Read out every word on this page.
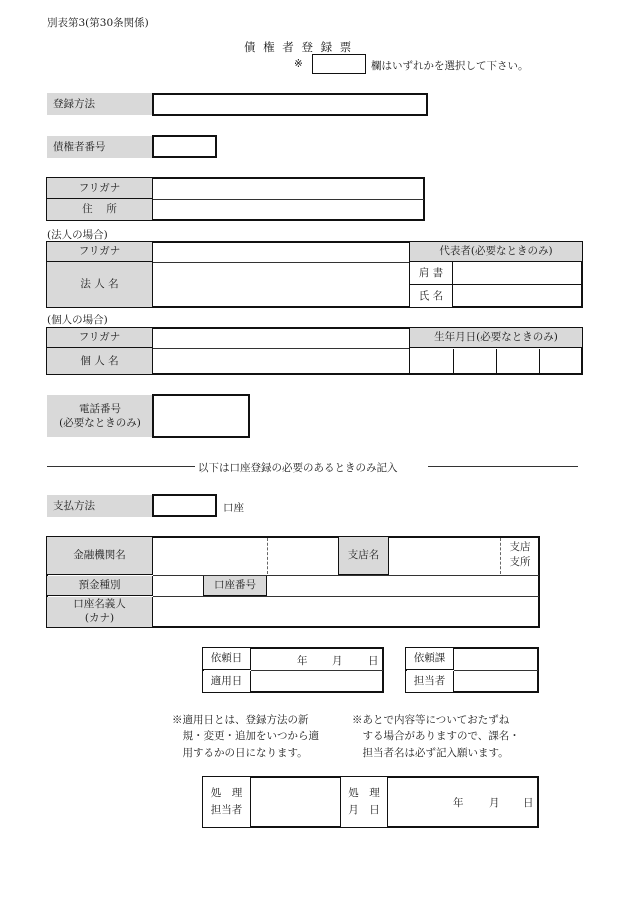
別表第3(第30条関係)
債 権 者 登 録 票
※	欄はいずれかを選択して下さい。
登録方法
債権者番号
フリガナ
住　 所
(法人の場合)
フリガナ
法 人 名
代表者(必要なときのみ)
肩 書
氏 名
(個人の場合)
フリガナ
個 人 名
生年月日(必要なときのみ)
電話番号
(必要なときのみ)
以下は口座登録の必要のあるときのみ記入
支払方法	口座
金融機関名	支店名
支店
支所
預金種別	口座番号
口座名義人
(カナ)
依頼日	年 月 日
適用日
依頼課
担当者
※適用日とは、登録方法の新
　規・変更・追加をいつから適
　用するかの日になります。
※あとで内容等についておたずね
　する場合がありますので、課名・
　担当者名は必ず記入願います。
処　理
担当者
処　理
月　日
年 月 日
